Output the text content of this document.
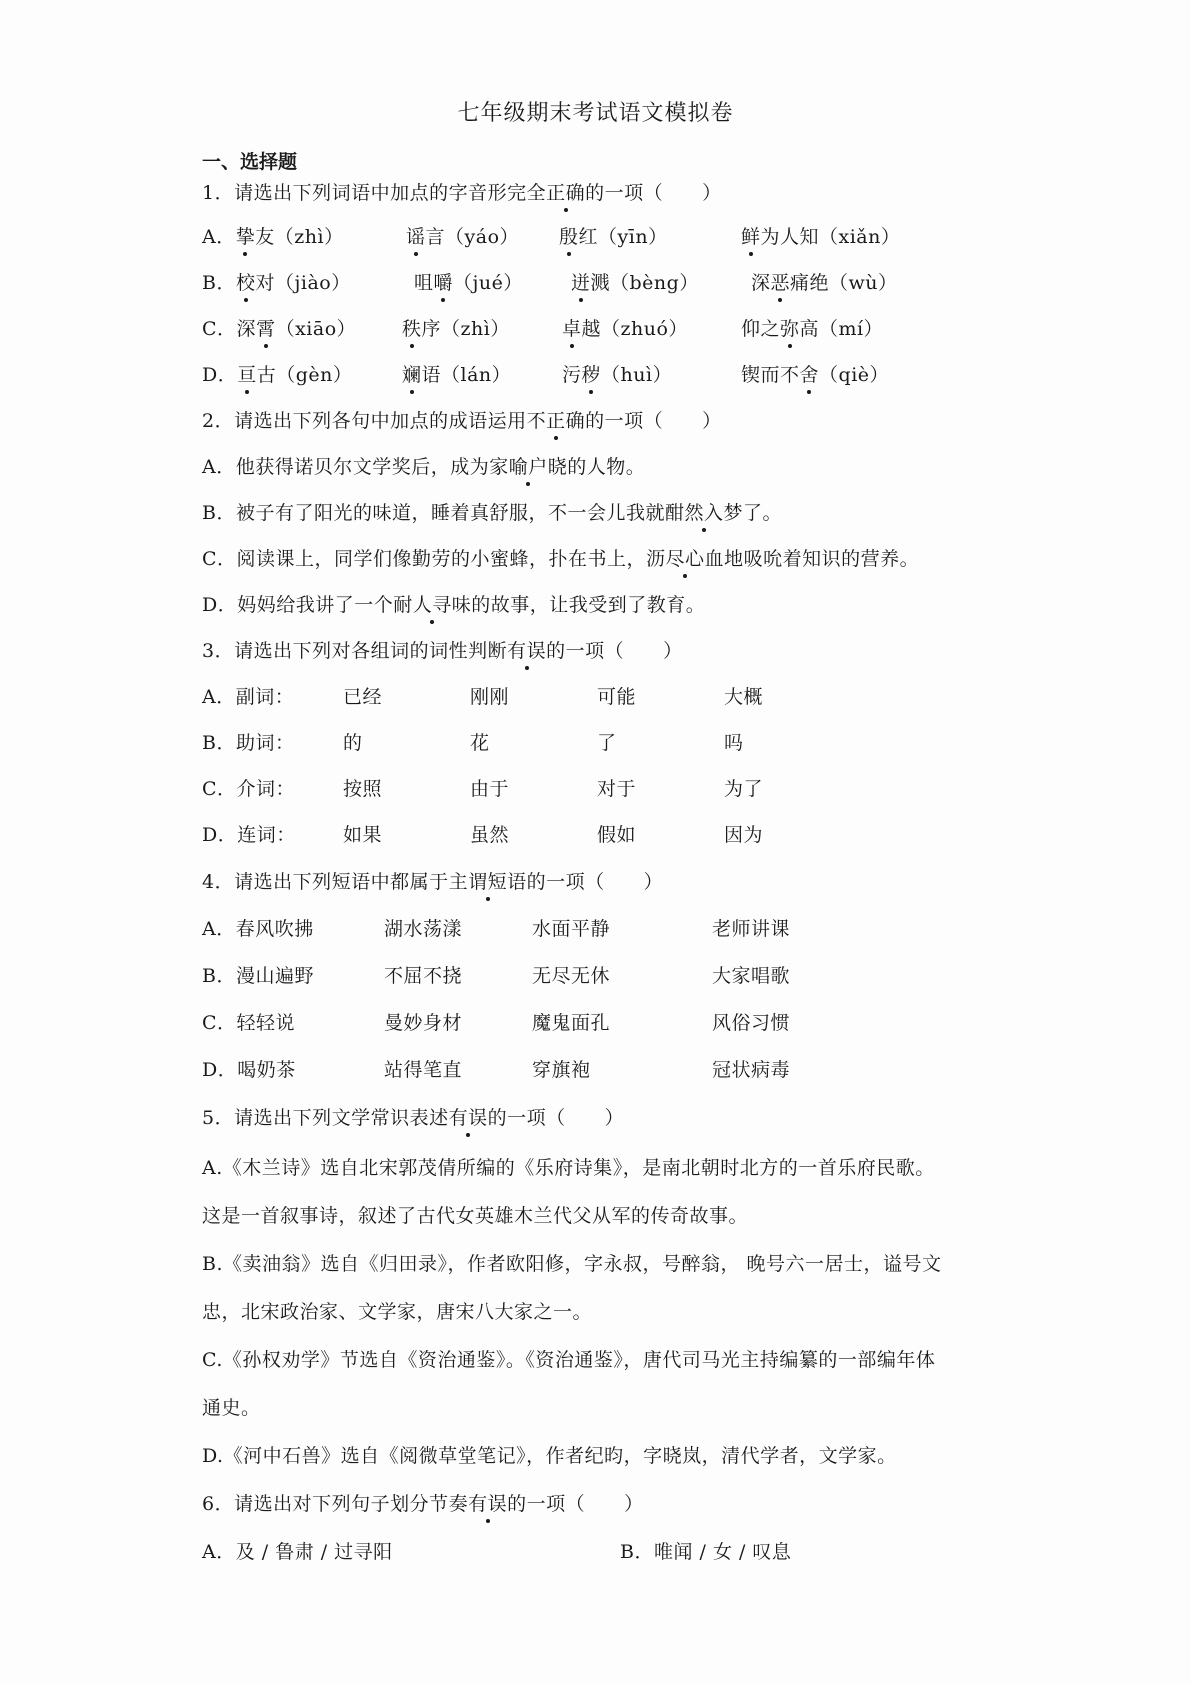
七年级期末考试语文模拟卷
一、选择题
1．请选出下列词语中加点的字音形完全正确的一项（　　）
A．挚友（zhì）	谣言（yáo） 殷红（yīn）	鲜为人知（xiǎn）
B．校对（jiào）	咀嚼（jué）	迸溅（bèng）	深恶痛绝（wù）
C．深霄（xiāo） 秩序（zhì）	卓越（zhuó）	仰之弥高（mí）
D．亘古（gèn）	斓语（lán）	污秽（huì）	锲而不舍（qiè）
2．请选出下列各句中加点的成语运用不正确的一项（　　）
A．他获得诺贝尔文学奖后，成为家喻户晓的人物。
B．被子有了阳光的味道，睡着真舒服，不一会儿我就酣然入梦了。
C．阅读课上，同学们像勤劳的小蜜蜂，扑在书上，沥尽心血地吸吮着知识的营养。
D．妈妈给我讲了一个耐人寻味的故事，让我受到了教育。
3．请选出下列对各组词的词性判断有误的一项（　　）
A．副词：	已经	刚刚	可能	大概
B．助词：	的	花	了	吗
C．介词：	按照	由于	对于	为了
D．连词： 如果	虽然	假如	因为
4．请选出下列短语中都属于主谓短语的一项（　　）
A．春风吹拂	湖水荡漾	水面平静	老师讲课
B．漫山遍野	不屈不挠	无尽无休	大家唱歌
C．轻轻说	曼妙身材	魔鬼面孔	风俗习惯
D．喝奶茶	站得笔直	穿旗袍	冠状病毒
5．请选出下列文学常识表述有误的一项（　　）
A.《木兰诗》选自北宋郭茂倩所编的《乐府诗集》，是南北朝时北方的一首乐府民歌。
这是一首叙事诗，叙述了古代女英雄木兰代父从军的传奇故事。
B.《卖油翁》选自《归田录》，作者欧阳修，字永叔，号醉翁， 晚号六一居士，谥号文
忠，北宋政治家、文学家，唐宋八大家之一。
C.《孙权劝学》节选自《资治通鉴》。《资治通鉴》，唐代司马光主持编纂的一部编年体
通史。
D.《河中石兽》选自《阅微草堂笔记》，作者纪昀，字晓岚，清代学者，文学家。
6．请选出对下列句子划分节奏有误的一项（　　）
A．及 / 鲁肃 / 过寻阳	B．唯闻 / 女 / 叹息
